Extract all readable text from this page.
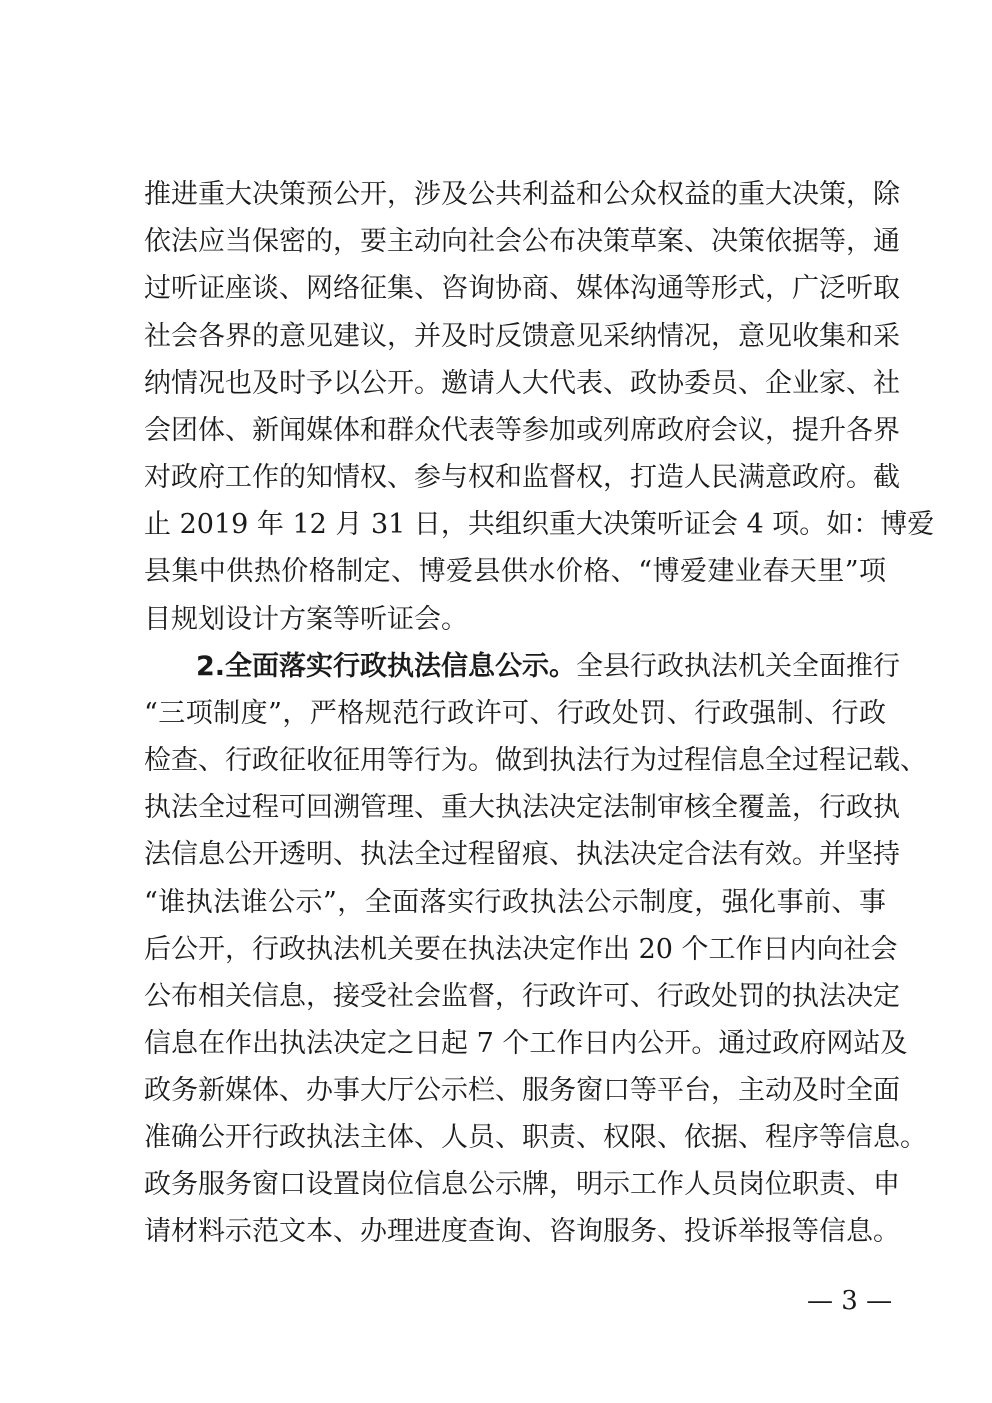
推进重大决策预公开，涉及公共利益和公众权益的重大决策，除
依法应当保密的，要主动向社会公布决策草案、决策依据等，通
过听证座谈、网络征集、咨询协商、媒体沟通等形式，广泛听取
社会各界的意见建议，并及时反馈意见采纳情况，意见收集和采
纳情况也及时予以公开。邀请人大代表、政协委员、企业家、社
会团体、新闻媒体和群众代表等参加或列席政府会议，提升各界
对政府工作的知情权、参与权和监督权，打造人民满意政府。截
止 2019 年 12 月 31 日，共组织重大决策听证会 4 项。如：博爱
县集中供热价格制定、博爱县供水价格、“博爱建业春天里”项
目规划设计方案等听证会。
2.全面落实行政执法信息公示。全县行政执法机关全面推行
“三项制度”，严格规范行政许可、行政处罚、行政强制、行政
检查、行政征收征用等行为。做到执法行为过程信息全过程记载、
执法全过程可回溯管理、重大执法决定法制审核全覆盖，行政执
法信息公开透明、执法全过程留痕、执法决定合法有效。并坚持
“谁执法谁公示”，全面落实行政执法公示制度，强化事前、事
后公开，行政执法机关要在执法决定作出 20 个工作日内向社会
公布相关信息，接受社会监督，行政许可、行政处罚的执法决定
信息在作出执法决定之日起 7 个工作日内公开。通过政府网站及
政务新媒体、办事大厅公示栏、服务窗口等平台，主动及时全面
准确公开行政执法主体、人员、职责、权限、依据、程序等信息。
政务服务窗口设置岗位信息公示牌，明示工作人员岗位职责、申
请材料示范文本、办理进度查询、咨询服务、投诉举报等信息。
— 3 —
